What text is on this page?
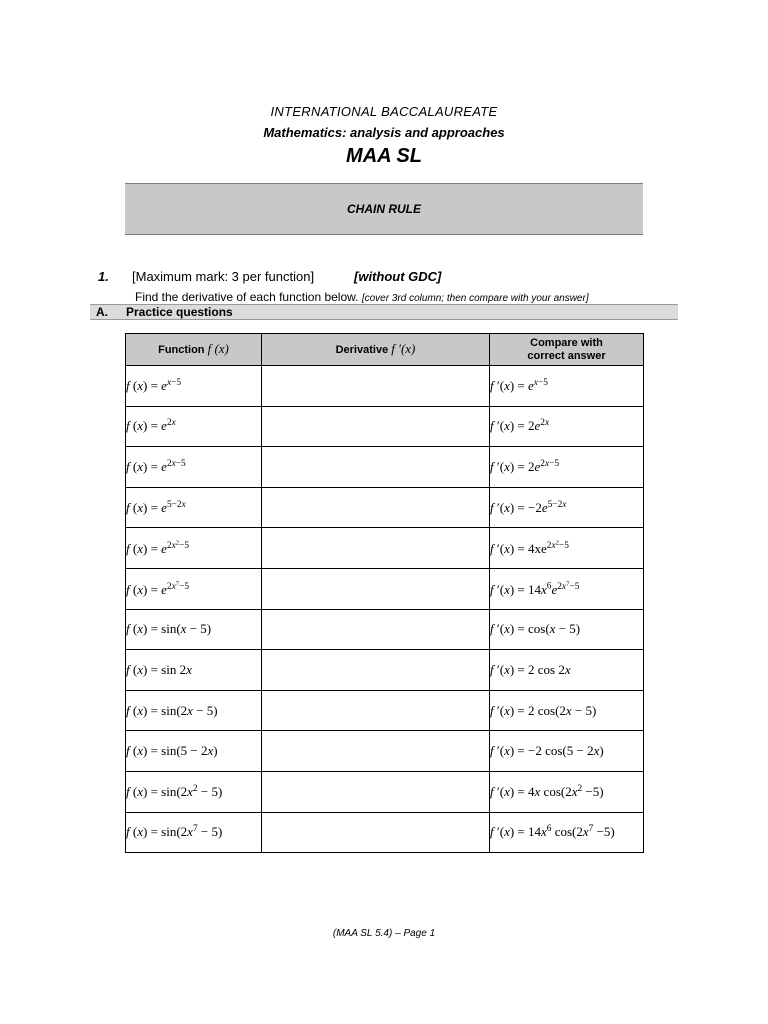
INTERNATIONAL BACCALAUREATE
Mathematics: analysis and approaches
MAA SL
CHAIN RULE
1. [Maximum mark: 3 per function]	[without GDC]
Find the derivative of each function below. [cover 3rd column; then compare with your answer]
A. Practice questions
Function f (x)	Derivative f ′(x)	Compare with
correct answer
f $(x) = e^{x-5}$		f $'(x) = e^{x-5}$
f $(x) = e^{2x}$		f $'(x) = 2e^{2x}$
f $(x) = e^{2x-5}$		f $'(x) = 2e^{2x-5}$
f $(x) = e^{5-2x}$		f $'(x) = -2e^{5-2x}$
f $(x) = e^{2x^2-5}$		f $'(x) = 4xe^{2x^2-5}$
f $(x) = e^{2x^7-5}$		f $'(x) = 14x^6e^{2x^7-5}$
f (x) = sin(x − 5)		f ′(x) = cos(x − 5)
f (x) = sin 2x		f ′(x) = 2 cos 2x
f (x) = sin(2x − 5)		f ′(x) = 2 cos(2x − 5)
f (x) = sin(5 − 2x)		f ′(x) = −2 cos(5 − 2x)
f $(x) = \sin(2x^2 - 5)$		f ′(x) = 4x $\cos(2x^2 -5)$
f $(x) = \sin(2x^7 - 5)$		f $'(x) = 14x^6$ $\cos(2x^7 -5)$
(MAA SL 5.4) – Page 1
